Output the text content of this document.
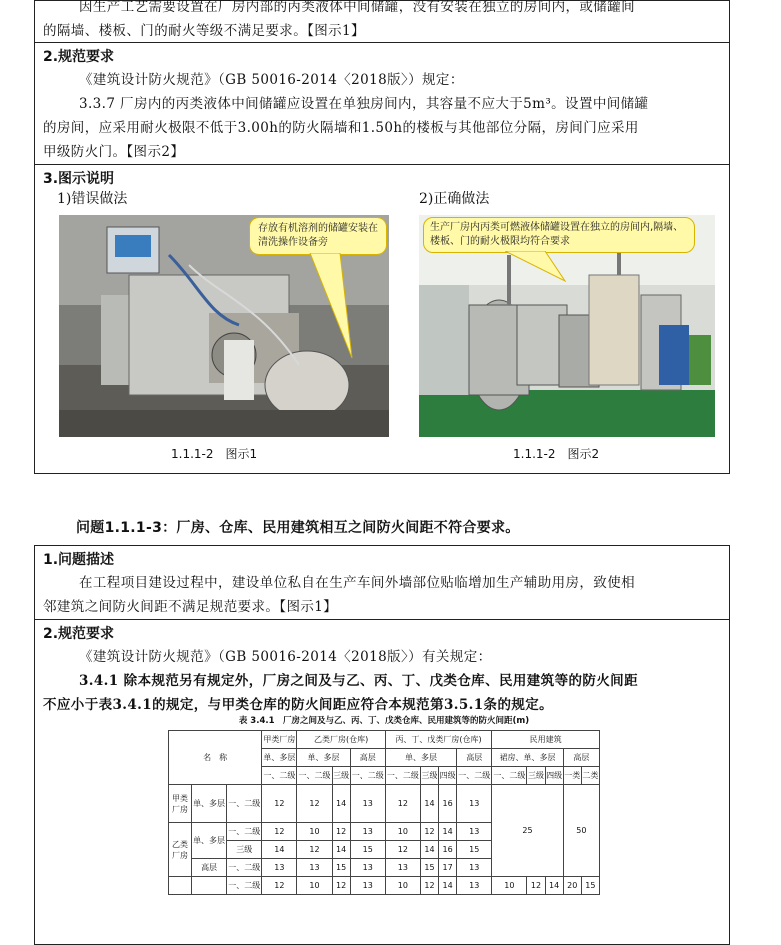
因生产工艺需要设置在厂房内部的丙类液体中间储罐，没有安装在独立的房间内，或储罐间
的隔墙、楼板、门的耐火等级不满足要求。【图示1】
2.规范要求
《建筑设计防火规范》（GB 50016-2014〈2018版〉）规定：
3.3.7 厂房内的丙类液体中间储罐应设置在单独房间内，其容量不应大于5m³。设置中间储罐
的房间，应采用耐火极限不低于3.00h的防火隔墙和1.50h的楼板与其他部位分隔，房间门应采用
甲级防火门。【图示2】
3.图示说明
1)错误做法	2)正确做法
存放有机溶剂的储罐安装在清洗操作设备旁
生产厂房内丙类可燃液体储罐设置在独立的房间内,隔墙、楼板、门的耐火极限均符合要求
1.1.1-2　图示1	1.1.1-2　图示2
问题1.1.1-3：厂房、仓库、民用建筑相互之间防火间距不符合要求。
1.问题描述
在工程项目建设过程中，建设单位私自在生产车间外墙部位贴临增加生产辅助用房，致使相
邻建筑之间防火间距不满足规范要求。【图示1】
2.规范要求
《建筑设计防火规范》（GB 50016-2014〈2018版〉）有关规定：
3.4.1 除本规范另有规定外，厂房之间及与乙、丙、丁、戊类仓库、民用建筑等的防火间距
不应小于表3.4.1的规定，与甲类仓库的防火间距应符合本规范第3.5.1条的规定。
表 3.4.1　厂房之间及与乙、丙、丁、戊类仓库、民用建筑等的防火间距(m)
名　称			甲类厂房	乙类厂房(仓库)			丙、丁、戊类厂房(仓库)				民用建筑				
			单、多层	单、多层		高层	单、多层			高层	裙房、单、多层			高层	
			一、二级	一、二级	三级	一、二级	一、二级	三级	四级	一、二级	一、二级	三级	四级	一类	二类
甲类厂房	单、多层	一、二级	12	12	14	13	12	14	16	13	25			50	
乙类厂房	单、多层	一、二级	12	10	12	13	10	12	14	13					
		三级	14	12	14	15	12	14	16	15					
	高层	一、二级	13	13	15	13	13	15	17	13					
		一、二级	12	10	12	13	10	12	14	13	10	12	14	20	15
